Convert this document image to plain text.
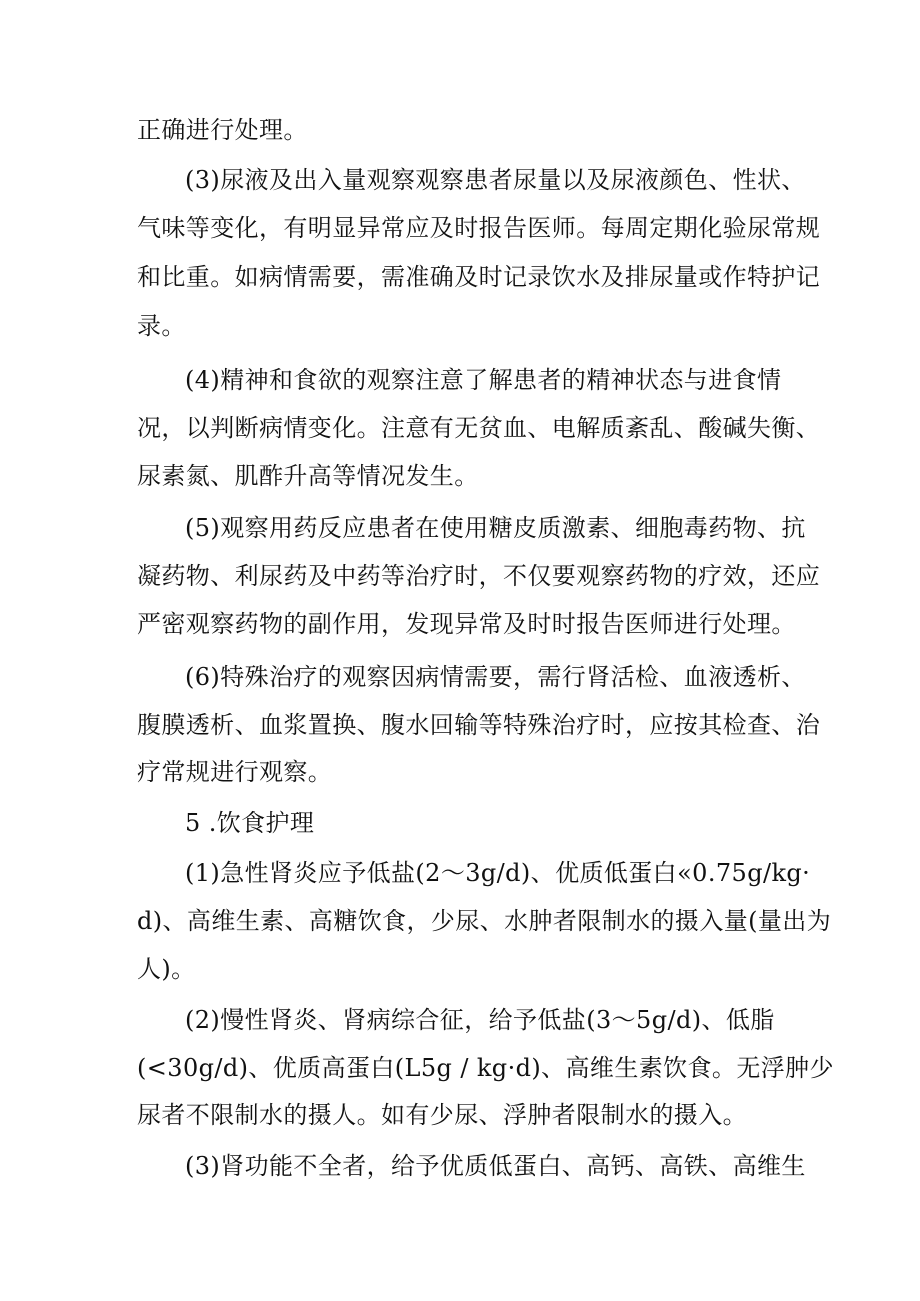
正确进行处理。
(3)尿液及出入量观察观察患者尿量以及尿液颜色、性状、
气味等变化，有明显异常应及时报告医师。每周定期化验尿常规
和比重。如病情需要，需准确及时记录饮水及排尿量或作特护记
录。
(4)精神和食欲的观察注意了解患者的精神状态与进食情
况，以判断病情变化。注意有无贫血、电解质紊乱、酸碱失衡、
尿素氮、肌酢升高等情况发生。
(5)观察用药反应患者在使用糖皮质激素、细胞毒药物、抗
凝药物、利尿药及中药等治疗时，不仅要观察药物的疗效，还应
严密观察药物的副作用，发现异常及时时报告医师进行处理。
(6)特殊治疗的观察因病情需要，需行肾活检、血液透析、
腹膜透析、血浆置换、腹水回输等特殊治疗时，应按其检查、治
疗常规进行观察。
5 .饮食护理
(1)急性肾炎应予低盐(2～3g/d)、优质低蛋白«0.75g/kg·
d)、高维生素、高糖饮食，少尿、水肿者限制水的摄入量(量出为
人)。
(2)慢性肾炎、肾病综合征，给予低盐(3～5g/d)、低脂
(<30g/d)、优质高蛋白(L5g / kg·d)、高维生素饮食。无浮肿少
尿者不限制水的摄人。如有少尿、浮肿者限制水的摄入。
(3)肾功能不全者，给予优质低蛋白、高钙、高铁、高维生
